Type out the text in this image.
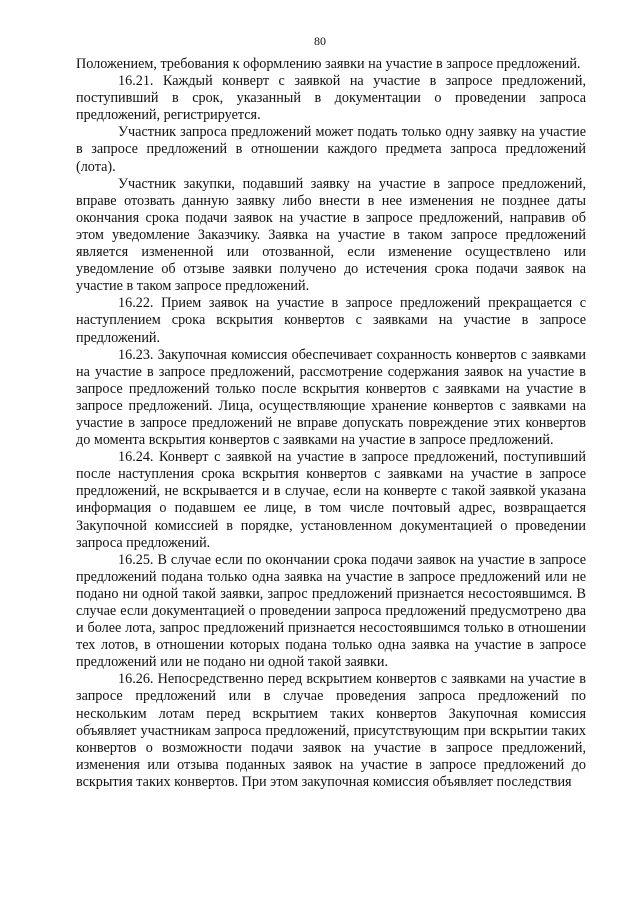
80

Положением, требования к оформлению заявки на участие в запросе предложений.

16.21. Каждый конверт с заявкой на участие в запросе предложений, поступивший в срок, указанный в документации о проведении запроса предложений, регистрируется.

Участник запроса предложений может подать только одну заявку на участие в запросе предложений в отношении каждого предмета запроса предложений (лота).

Участник закупки, подавший заявку на участие в запросе предложений, вправе отозвать данную заявку либо внести в нее изменения не позднее даты окончания срока подачи заявок на участие в запросе предложений, направив об этом уведомление Заказчику. Заявка на участие в таком запросе предложений является измененной или отозванной, если изменение осуществлено или уведомление об отзыве заявки получено до истечения срока подачи заявок на участие в таком запросе предложений.

16.22. Прием заявок на участие в запросе предложений прекращается с наступлением срока вскрытия конвертов с заявками на участие в запросе предложений.

16.23. Закупочная комиссия обеспечивает сохранность конвертов с заявками на участие в запросе предложений, рассмотрение содержания заявок на участие в запросе предложений только после вскрытия конвертов с заявками на участие в запросе предложений. Лица, осуществляющие хранение конвертов с заявками на участие в запросе предложений не вправе допускать повреждение этих конвертов до момента вскрытия конвертов с заявками на участие в запросе предложений.

16.24. Конверт с заявкой на участие в запросе предложений, поступивший после наступления срока вскрытия конвертов с заявками на участие в запросе предложений, не вскрывается и в случае, если на конверте с такой заявкой указана информация о подавшем ее лице, в том числе почтовый адрес, возвращается Закупочной комиссией в порядке, установленном документацией о проведении запроса предложений.

16.25. В случае если по окончании срока подачи заявок на участие в запросе предложений подана только одна заявка на участие в запросе предложений или не подано ни одной такой заявки, запрос предложений признается несостоявшимся. В случае если документацией о проведении запроса предложений предусмотрено два и более лота, запрос предложений признается несостоявшимся только в отношении тех лотов, в отношении которых подана только одна заявка на участие в запросе предложений или не подано ни одной такой заявки.

16.26. Непосредственно перед вскрытием конвертов с заявками на участие в запросе предложений или в случае проведения запроса предложений по нескольким лотам перед вскрытием таких конвертов Закупочная комиссия объявляет участникам запроса предложений, присутствующим при вскрытии таких конвертов о возможности подачи заявок на участие в запросе предложений, изменения или отзыва поданных заявок на участие в запросе предложений до вскрытия таких конвертов. При этом закупочная комиссия объявляет последствия
